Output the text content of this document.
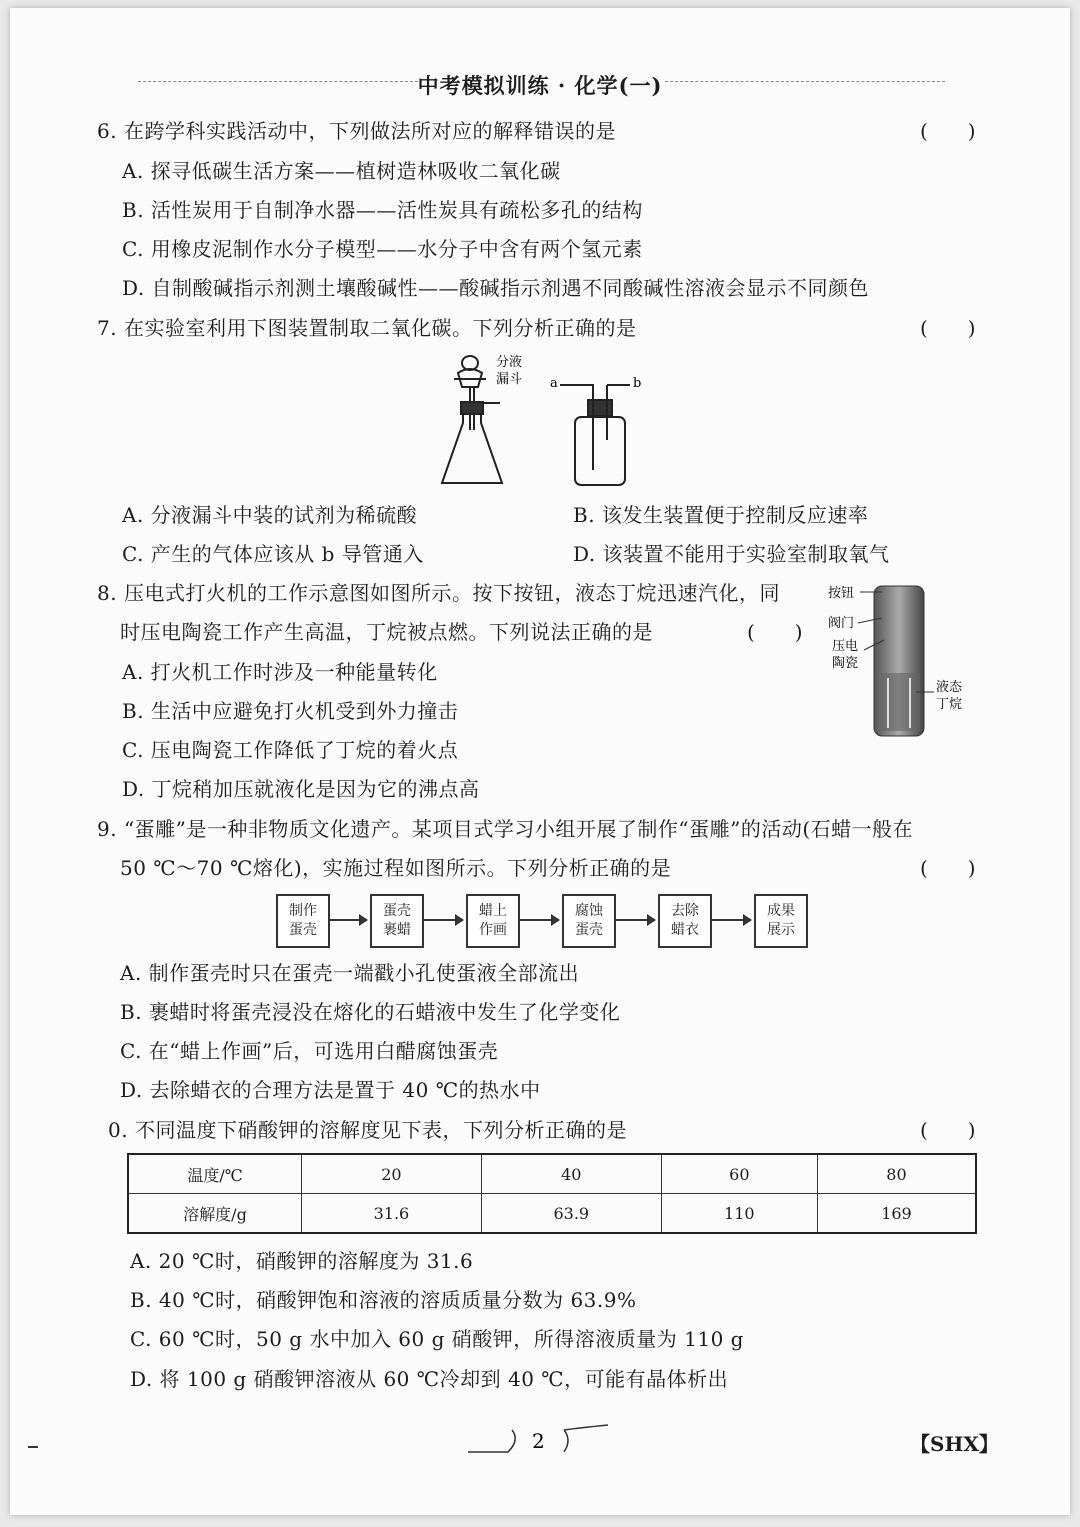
中考模拟训练 · 化学(一)
6. 在跨学科实践活动中，下列做法所对应的解释错误的是	(　　)
A. 探寻低碳生活方案——植树造林吸收二氧化碳
B. 活性炭用于自制净水器——活性炭具有疏松多孔的结构
C. 用橡皮泥制作水分子模型——水分子中含有两个氢元素
D. 自制酸碱指示剂测土壤酸碱性——酸碱指示剂遇不同酸碱性溶液会显示不同颜色
7. 在实验室利用下图装置制取二氧化碳。下列分析正确的是	(　　)
分液
漏斗 a	b
A. 分液漏斗中装的试剂为稀硫酸	B. 该发生装置便于控制反应速率
C. 产生的气体应该从 b 导管通入	D. 该装置不能用于实验室制取氧气
8. 压电式打火机的工作示意图如图所示。按下按钮，液态丁烷迅速汽化，同
时压电陶瓷工作产生高温，丁烷被点燃。下列说法正确的是	(　　)
A. 打火机工作时涉及一种能量转化
B. 生活中应避免打火机受到外力撞击
C. 压电陶瓷工作降低了丁烷的着火点
D. 丁烷稍加压就液化是因为它的沸点高
按钮
阀门
压电
陶瓷
液态
丁烷
9. “蛋雕”是一种非物质文化遗产。某项目式学习小组开展了制作“蛋雕”的活动(石蜡一般在
50 ℃～70 ℃熔化)，实施过程如图所示。下列分析正确的是	(　　)
制作
蛋壳
蛋壳
裹蜡
蜡上
作画
腐蚀
蛋壳
去除
蜡衣
成果
展示
A. 制作蛋壳时只在蛋壳一端戳小孔使蛋液全部流出
B. 裹蜡时将蛋壳浸没在熔化的石蜡液中发生了化学变化
C. 在“蜡上作画”后，可选用白醋腐蚀蛋壳
D. 去除蜡衣的合理方法是置于 40 ℃的热水中
0. 不同温度下硝酸钾的溶解度见下表，下列分析正确的是	(　　)
温度/℃	20	40	60	80
溶解度/g	31.6	63.9	110	169
A. 20 ℃时，硝酸钾的溶解度为 31.6
B. 40 ℃时，硝酸钾饱和溶液的溶质质量分数为 63.9%
C. 60 ℃时，50 g 水中加入 60 g 硝酸钾，所得溶液质量为 110 g
D. 将 100 g 硝酸钾溶液从 60 ℃冷却到 40 ℃，可能有晶体析出
2	【SHX】
